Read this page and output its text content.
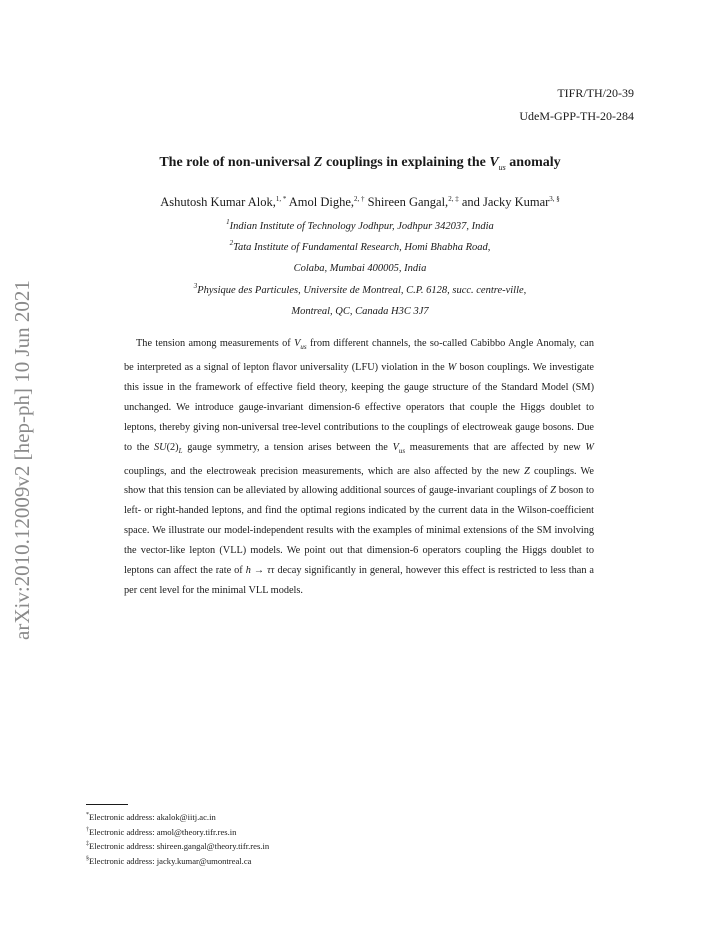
arXiv:2010.12009v2 [hep-ph] 10 Jun 2021
TIFR/TH/20-39
UdeM-GPP-TH-20-284
The role of non-universal Z couplings in explaining the $V_{us}$ anomaly
Ashutosh Kumar Alok,$^{1, *}$ Amol Dighe,$^{2, \dagger}$ Shireen Gangal,$^{2, \ddagger}$ and Jacky Kumar$^{3, \S}$
$^1$Indian Institute of Technology Jodhpur, Jodhpur 342037, India
$^2$Tata Institute of Fundamental Research, Homi Bhabha Road,
Colaba, Mumbai 400005, India
$^3$Physique des Particules, Universite de Montreal, C.P. 6128, succ. centre-ville,
Montreal, QC, Canada H3C 3J7

The tension among measurements of $V_{us}$ from different channels, the so-called Cabibbo Angle Anomaly, can be interpreted as a signal of lepton flavor universality (LFU) violation in the W boson couplings. We investigate this issue in the framework of effective field theory, keeping the gauge structure of the Standard Model (SM) unchanged. We introduce gauge-invariant dimension-6 effective operators that couple the Higgs doublet to leptons, thereby giving non-universal tree-level contributions to the couplings of electroweak gauge bosons. Due to the $SU(2)_L$ gauge symmetry, a tension arises between the $V_{us}$ measurements that are affected by new W couplings, and the electroweak precision measurements, which are also affected by the new Z couplings. We show that this tension can be alleviated by allowing additional sources of gauge-invariant couplings of Z boson to left- or right-handed leptons, and find the optimal regions indicated by the current data in the Wilson-coefficient space. We illustrate our model-independent results with the examples of minimal extensions of the SM involving the vector-like lepton (VLL) models. We point out that dimension-6 operators coupling the Higgs doublet to leptons can affect the rate of h → ττ decay significantly in general, however this effect is restricted to less than a per cent level for the minimal VLL models.

*Electronic address: akalok@iitj.ac.in
†Electronic address: amol@theory.tifr.res.in
‡Electronic address: shireen.gangal@theory.tifr.res.in
§Electronic address: jacky.kumar@umontreal.ca
